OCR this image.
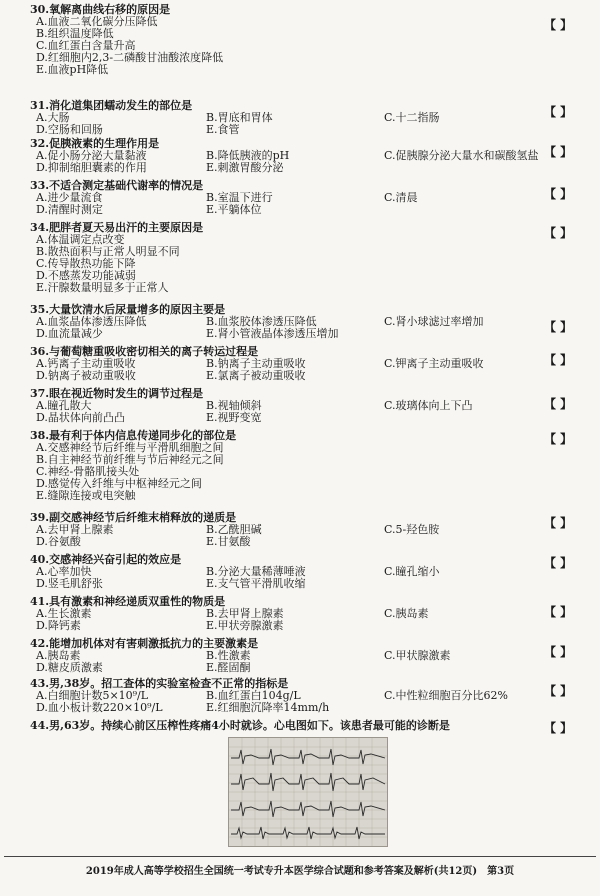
30.氧解离曲线右移的原因是
A.血液二氧化碳分压降低
B.组织温度降低
C.血红蛋白含量升高
D.红细胞内2,3-二磷酸甘油酸浓度降低
E.血液pH降低
【 】
31.消化道集团蠕动发生的部位是
A.大肠	B.胃底和胃体	C.十二指肠
D.空肠和回肠	E.食管
【 】
32.促胰液素的生理作用是
A.促小肠分泌大量黏液	B.降低胰液的pH	C.促胰腺分泌大量水和碳酸氢盐
D.抑制缩胆囊素的作用	E.刺激胃酸分泌
【 】
33.不适合测定基础代谢率的情况是
A.进少量流食	B.室温下进行	C.清晨
D.清醒时测定	E.平躺体位
【 】
34.肥胖者夏天易出汗的主要原因是
A.体温调定点改变
B.散热面积与正常人明显不同
C.传导散热功能下降
D.不感蒸发功能减弱
E.汗腺数量明显多于正常人
【 】
35.大量饮清水后尿量增多的原因主要是
A.血浆晶体渗透压降低	B.血浆胶体渗透压降低	C.肾小球滤过率增加
D.血流量减少	E.肾小管液晶体渗透压增加	【 】
36.与葡萄糖重吸收密切相关的离子转运过程是
A.钙离子主动重吸收	B.钠离子主动重吸收	C.钾离子主动重吸收
D.钠离子被动重吸收	E.氯离子被动重吸收
【 】
37.眼在视近物时发生的调节过程是
A.瞳孔散大	B.视轴倾斜	C.玻璃体向上下凸
D.晶状体向前凸凸	E.视野变宽
【 】
38.最有利于体内信息传递同步化的部位是
A.交感神经节后纤维与平滑肌细胞之间
B.自主神经节前纤维与节后神经元之间
C.神经-骨骼肌接头处
D.感觉传入纤维与中枢神经元之间
E.缝隙连接或电突触
【 】
39.副交感神经节后纤维末梢释放的递质是
A.去甲肾上腺素	B.乙酰胆碱	C.5-羟色胺
D.谷氨酸	E.甘氨酸
【 】
40.交感神经兴奋引起的效应是
A.心率加快	B.分泌大量稀薄唾液	C.瞳孔缩小
D.竖毛肌舒张	E.支气管平滑肌收缩
【 】
41.具有激素和神经递质双重性的物质是
A.生长激素	B.去甲肾上腺素	C.胰岛素
D.降钙素	E.甲状旁腺激素
【 】
42.能增加机体对有害刺激抵抗力的主要激素是
A.胰岛素	B.性激素	C.甲状腺激素
D.糖皮质激素	E.醛固酮
【 】
43.男,38岁。招工查体的实验室检查不正常的指标是
A.白细胞计数5×10⁹/L	B.血红蛋白104g/L	C.中性粒细胞百分比62%
D.血小板计数220×10⁹/L	E.红细胞沉降率14mm/h
【 】
44.男,63岁。持续心前区压榨性疼痛4小时就诊。心电图如下。该患者最可能的诊断是	【 】
2019年成人高等学校招生全国统一考试专升本医学综合试题和参考答案及解析(共12页) 第3页
